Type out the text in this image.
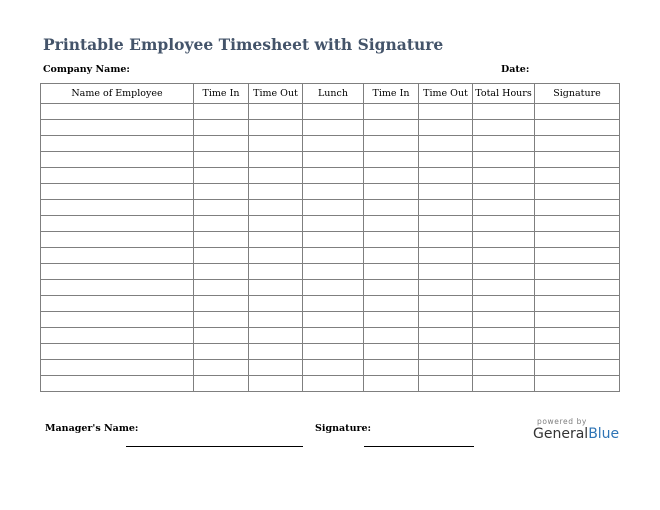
Printable Employee Timesheet with Signature
Company Name:	Date:
Name of Employee	Time In	Time Out	Lunch	Time In	Time Out	Total Hours	Signature

Manager's Name:	Signature:
powered by
GeneralBlue
